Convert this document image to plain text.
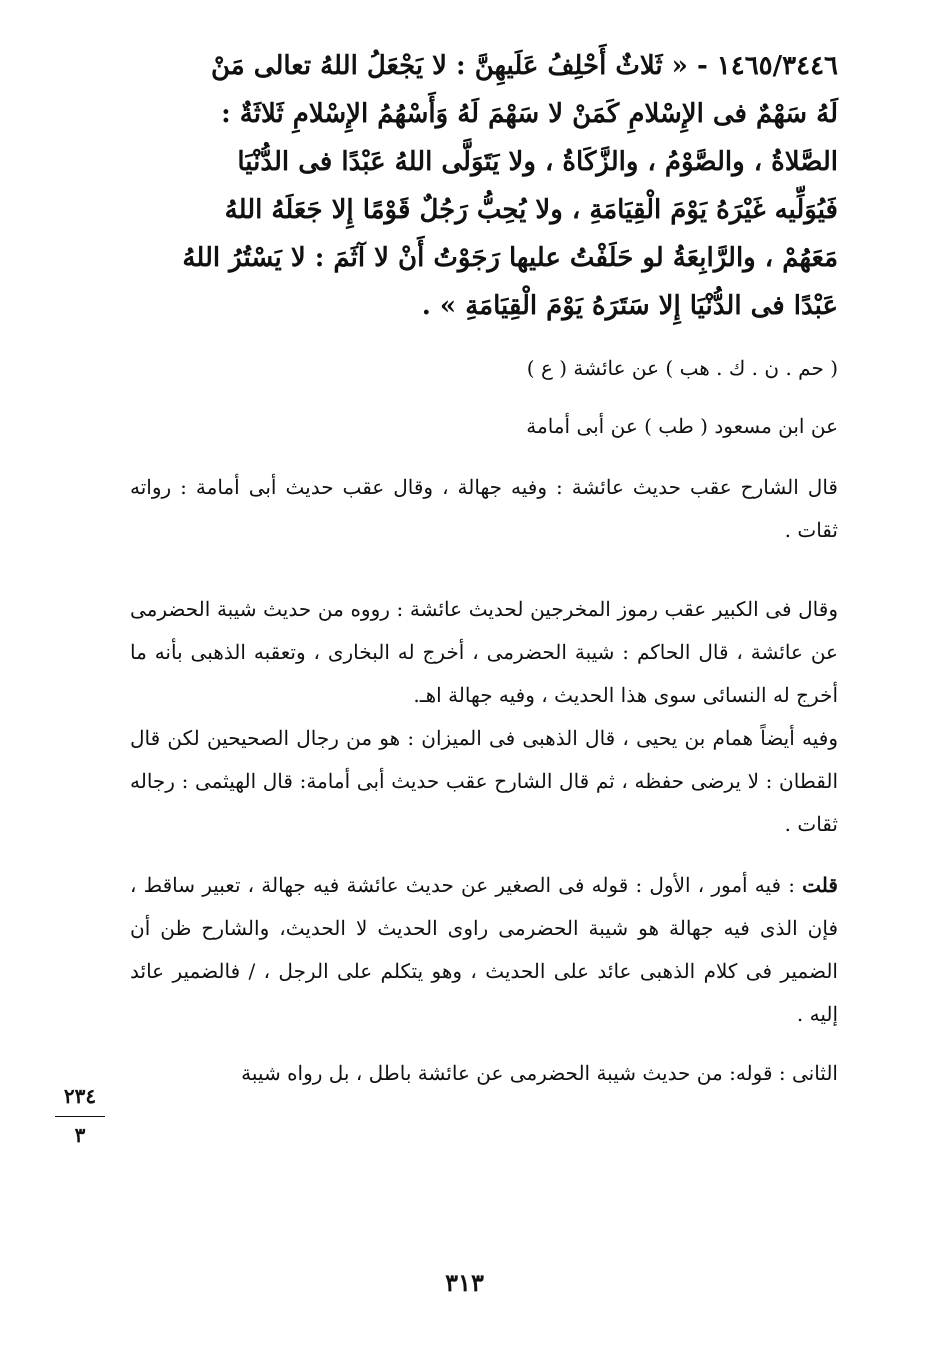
١٤٦٥/٣٤٤٦ - « ثَلاثٌ أَحْلِفُ عَلَيهِنَّ : لا يَجْعَلُ اللهُ تعالى مَنْ
لَهُ سَهْمٌ فى الإِسْلامِ كَمَنْ لا سَهْمَ لَهُ وَأَسْهُمُ الإِسْلامِ ثَلاثَةٌ :
الصَّلاةُ ، والصَّوْمُ ، والزَّكَاةُ ، ولا يَتَوَلَّى اللهُ عَبْدًا فى الدُّنْيَا
فَيُوَلِّيه غَيْرَهُ يَوْمَ الْقِيَامَةِ ، ولا يُحِبُّ رَجُلٌ قَوْمًا إِلا جَعَلَهُ اللهُ
مَعَهُمْ ، والرَّابِعَةُ لو حَلَفْتُ عليها رَجَوْتُ أَنْ لا آثَمَ : لا يَسْتُرُ اللهُ
عَبْدًا فى الدُّنْيَا إِلا سَتَرَهُ يَوْمَ الْقِيَامَةِ » .

( حم . ن . ك . هب ) عن عائشة ( ع )

عن ابن مسعود ( طب ) عن أبى أمامة

قال الشارح عقب حديث عائشة : وفيه جهالة ، وقال عقب حديث أبى أمامة : رواته ثقات .

وقال فى الكبير عقب رموز المخرجين لحديث عائشة : رووه من حديث شيبة الحضرمى عن عائشة ، قال الحاكم : شيبة الحضرمى ، أخرج له البخارى ، وتعقبه الذهبى بأنه ما أخرج له النسائى سوى هذا الحديث ، وفيه جهالة اهـ.

وفيه أيضاً همام بن يحيى ، قال الذهبى فى الميزان : هو من رجال الصحيحين لكن قال القطان : لا يرضى حفظه ، ثم قال الشارح عقب حديث أبى أمامة: قال الهيثمى : رجاله ثقات .

قلت : فيه أمور ، الأول : قوله فى الصغير عن حديث عائشة فيه جهالة ، تعبير ساقط ، فإن الذى فيه جهالة هو شيبة الحضرمى راوى الحديث لا الحديث، والشارح ظن أن الضمير فى كلام الذهبى عائد على الحديث ، وهو يتكلم على الرجل ، / فالضمير عائد إليه .

الثانى : قوله: من حديث شيبة الحضرمى عن عائشة باطل ، بل رواه شيبة

٢٣٤
٣
٣١٣
